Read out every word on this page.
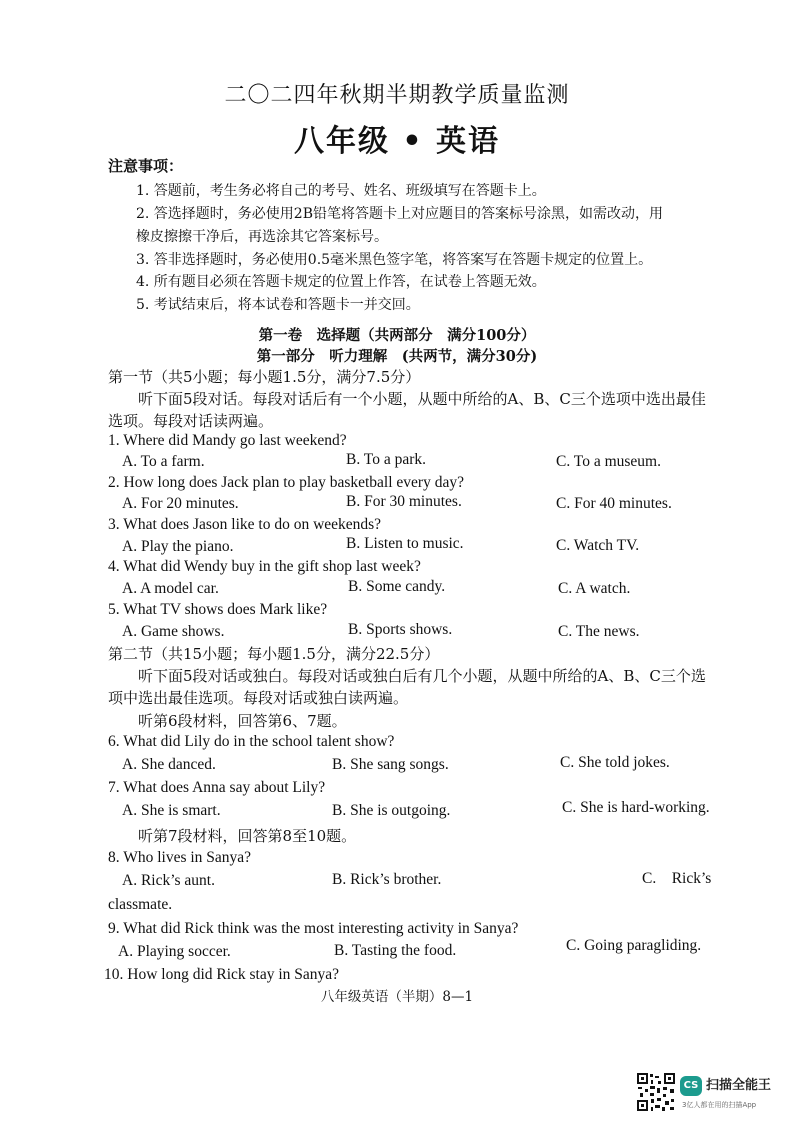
二〇二四年秋期半期教学质量监测
八年级 • 英语
注意事项：
1. 答题前，考生务必将自己的考号、姓名、班级填写在答题卡上。
2. 答选择题时，务必使用2B铅笔将答题卡上对应题目的答案标号涂黑，如需改动，用
橡皮擦擦干净后，再选涂其它答案标号。
3. 答非选择题时，务必使用0.5毫米黑色签字笔，将答案写在答题卡规定的位置上。
4. 所有题目必须在答题卡规定的位置上作答，在试卷上答题无效。
5. 考试结束后，将本试卷和答题卡一并交回。
第一卷　选择题（共两部分　满分100分）
第一部分　听力理解　(共两节，满分30分)
第一节（共5小题；每小题1.5分，满分7.5分）
听下面5段对话。每段对话后有一个小题，从题中所给的A、B、C三个选项中选出最佳
选项。每段对话读两遍。
1. Where did Mandy go last weekend?
A. To a farm.	B. To a park.	C. To a museum.
2. How long does Jack plan to play basketball every day?
A. For 20 minutes.	B. For 30 minutes.	C. For 40 minutes.
3. What does Jason like to do on weekends?
A. Play the piano.	B. Listen to music.	C. Watch TV.
4. What did Wendy buy in the gift shop last week?
A. A model car.	B. Some candy.	C. A watch.
5. What TV shows does Mark like?
A. Game shows.	B. Sports shows.	C. The news.
第二节（共15小题；每小题1.5分，满分22.5分）
听下面5段对话或独白。每段对话或独白后有几个小题，从题中所给的A、B、C三个选
项中选出最佳选项。每段对话或独白读两遍。
听第6段材料，回答第6、7题。
6. What did Lily do in the school talent show?
A. She danced.	B. She sang songs.	C. She told jokes.
7. What does Anna say about Lily?
A. She is smart.	B. She is outgoing.	C. She is hard-working.
听第7段材料，回答第8至10题。
8. Who lives in Sanya?
A. Rick’s aunt.	B. Rick’s brother.	C.　Rick’s
classmate.
9. What did Rick think was the most interesting activity in Sanya?
A. Playing soccer.	B. Tasting the food.	C. Going paragliding.
10. How long did Rick stay in Sanya?
八年级英语（半期）8—1
CS 扫描全能王
3亿人都在用的扫描App
